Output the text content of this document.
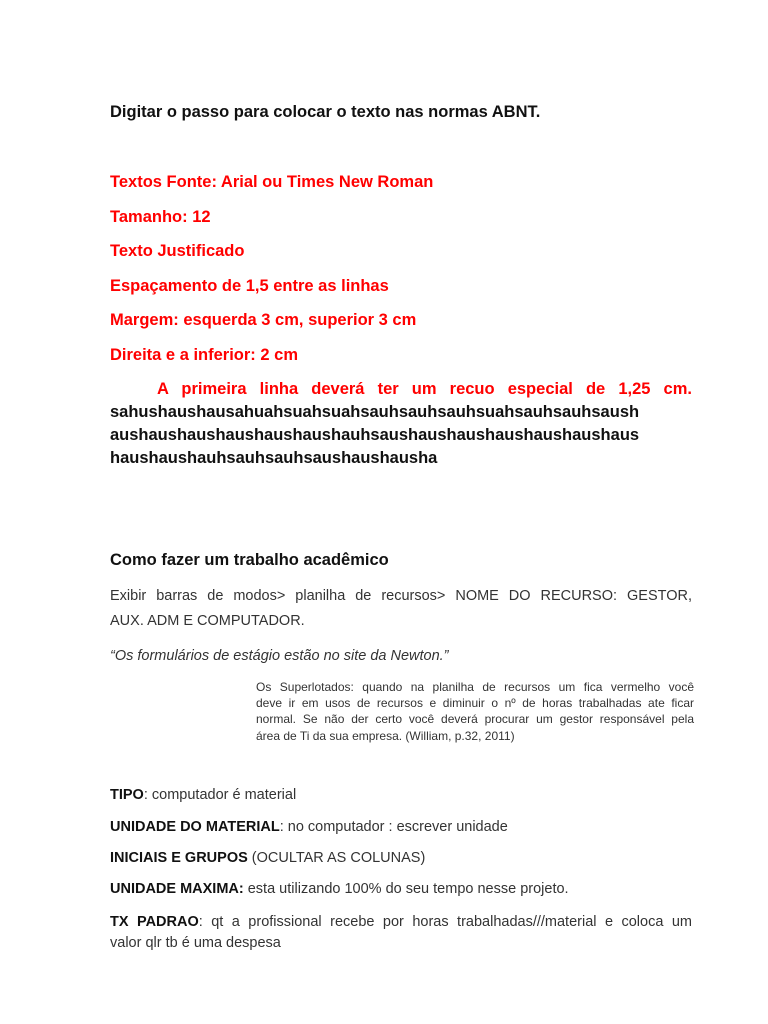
Digitar o passo para colocar o texto nas normas ABNT.
Textos Fonte: Arial ou Times New Roman
Tamanho: 12
Texto Justificado
Espaçamento de 1,5 entre as linhas
Margem: esquerda 3 cm, superior 3 cm
Direita e a inferior: 2 cm
A primeira linha deverá ter um recuo especial de 1,25 cm.
sahushaushausahuahsuahsuahsauhsauhsauhsuahsauhsauhsaush
aushaushaushaushaushaushauhsaushaushaushaushaushaushaus
haushaushauhsauhsauhsaushaushausha
Como fazer um trabalho acadêmico
Exibir barras de modos> planilha de recursos> NOME DO RECURSO: GESTOR,
AUX. ADM E COMPUTADOR.
“Os formulários de estágio estão no site da Newton.”
Os Superlotados: quando na planilha de recursos um fica vermelho você
deve ir em usos de recursos e diminuir o nº de horas trabalhadas ate ficar
normal. Se não der certo você deverá procurar um gestor responsável pela
área de Ti da sua empresa. (William, p.32, 2011)
TIPO: computador é material
UNIDADE DO MATERIAL: no computador : escrever unidade
INICIAIS E GRUPOS (OCULTAR AS COLUNAS)
UNIDADE MAXIMA: esta utilizando 100% do seu tempo nesse projeto.
TX PADRAO: qt a profissional recebe por horas trabalhadas///material e coloca um
valor qlr tb é uma despesa
